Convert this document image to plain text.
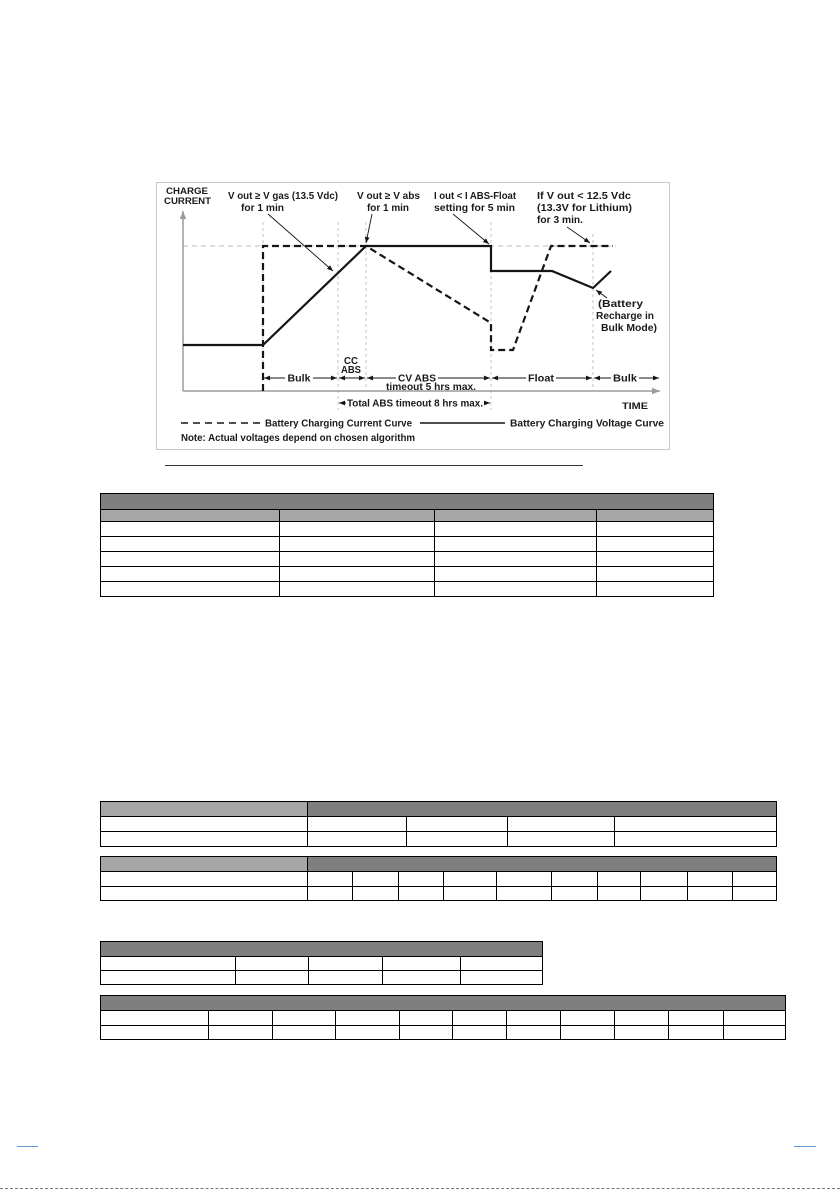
CHARGE
CURRENT
TIME
V out ≥ V gas (13.5 Vdc)
for 1 min
V out ≥ V abs
for 1 min
I out < I ABS-Float
setting for 5 min
If V out < 12.5 Vdc
(13.3V for Lithium)
for 3 min.
(Battery
Recharge in
Bulk Mode)
Bulk
CC
ABS
CV ABS
timeout 5 hrs max.
Float	Bulk
Total ABS timeout 8 hrs max.
Battery Charging Current Curve	Battery Charging Voltage Curve
Note: Actual voltages depend on chosen algorithm
